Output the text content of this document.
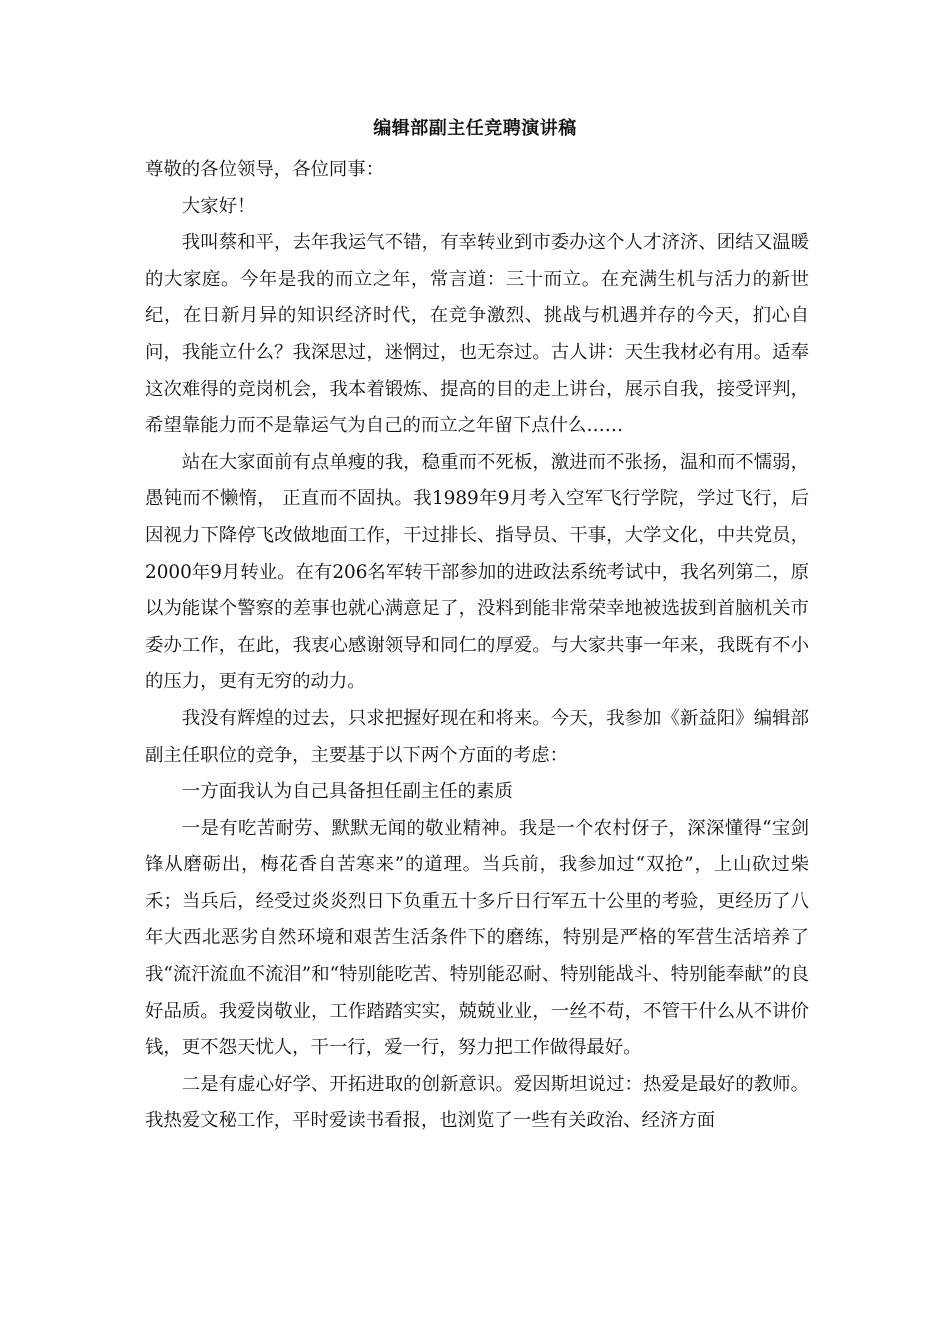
编辑部副主任竞聘演讲稿

尊敬的各位领导，各位同事：

大家好！

我叫蔡和平，去年我运气不错，有幸转业到市委办这个人才济济、团结又温暖的大家庭。今年是我的而立之年，常言道：三十而立。在充满生机与活力的新世纪，在日新月异的知识经济时代，在竞争激烈、挑战与机遇并存的今天，扪心自问，我能立什么？我深思过，迷惘过，也无奈过。古人讲：天生我材必有用。适奉这次难得的竞岗机会，我本着锻炼、提高的目的走上讲台，展示自我，接受评判，希望靠能力而不是靠运气为自己的而立之年留下点什么……

站在大家面前有点单瘦的我，稳重而不死板，激进而不张扬，温和而不懦弱， 愚钝而不懒惰， 正直而不固执。我1989年9月考入空军飞行学院，学过飞行，后因视力下降停飞改做地面工作，干过排长、指导员、干事，大学文化，中共党员，2000年9月转业。在有206名军转干部参加的进政法系统考试中，我名列第二，原以为能谋个警察的差事也就心满意足了，没料到能非常荣幸地被选拔到首脑机关市委办工作，在此，我衷心感谢领导和同仁的厚爱。与大家共事一年来，我既有不小的压力，更有无穷的动力。

我没有辉煌的过去，只求把握好现在和将来。今天，我参加《新益阳》编辑部副主任职位的竞争，主要基于以下两个方面的考虑：

一方面我认为自己具备担任副主任的素质

一是有吃苦耐劳、默默无闻的敬业精神。我是一个农村伢子，深深懂得“宝剑锋从磨砺出，梅花香自苦寒来”的道理。当兵前，我参加过“双抢”，上山砍过柴禾；当兵后，经受过炎炎烈日下负重五十多斤日行军五十公里的考验，更经历了八年大西北恶劣自然环境和艰苦生活条件下的磨练，特别是严格的军营生活培养了我“流汗流血不流泪”和“特别能吃苦、特别能忍耐、特别能战斗、特别能奉献”的良好品质。我爱岗敬业，工作踏踏实实，兢兢业业，一丝不苟，不管干什么从不讲价钱，更不怨天忧人，干一行，爱一行，努力把工作做得最好。

二是有虚心好学、开拓进取的创新意识。爱因斯坦说过：热爱是最好的教师。我热爱文秘工作，平时爱读书看报，也浏览了一些有关政治、经济方面
